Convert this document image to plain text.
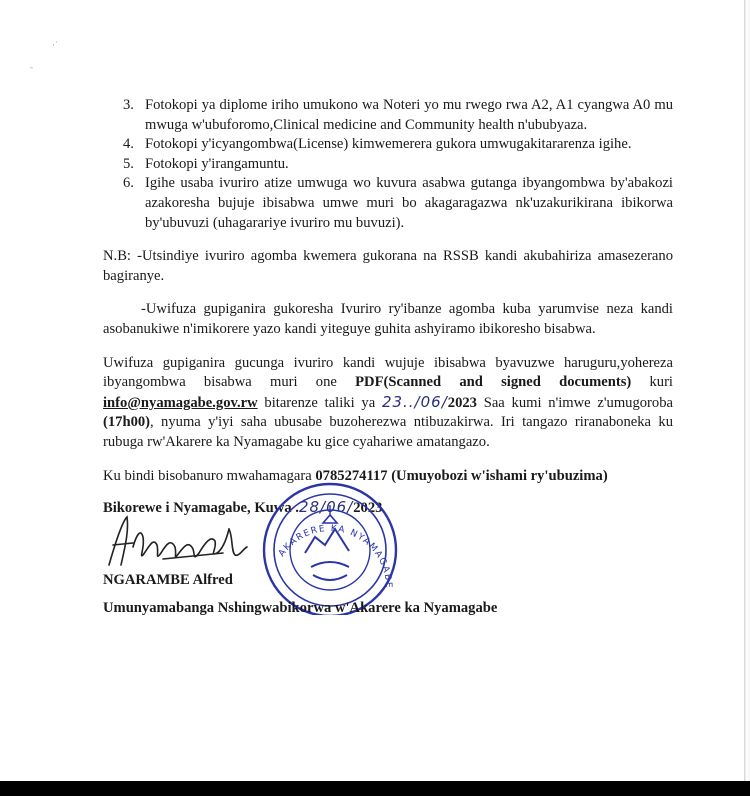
·ʾ
-
3. Fotokopi ya diplome iriho umukono wa Noteri yo mu rwego rwa A2, A1 cyangwa A0 mu mwuga w'ubuforomo,Clinical medicine and Community health n'ububyaza.
4. Fotokopi y'icyangombwa(License) kimwemerera gukora umwugakitararenza igihe.
5. Fotokopi y'irangamuntu.
6. Igihe usaba ivuriro atize umwuga wo kuvura asabwa gutanga ibyangombwa by'abakozi azakoresha bujuje ibisabwa umwe muri bo akagaragazwa nk'uzakurikirana ibikorwa by'ubuvuzi (uhagarariye ivuriro mu buvuzi).

N.B: -Utsindiye ivuriro agomba kwemera gukorana na RSSB kandi akubahiriza amasezerano bagiranye.

-Uwifuza gupiganira gukoresha Ivuriro ry'ibanze agomba kuba yarumvise neza kandi asobanukiwe n'imikorere yazo kandi yiteguye guhita ashyiramo ibikoresho bisabwa.

Uwifuza gupiganira gucunga ivuriro kandi wujuje ibisabwa byavuzwe haruguru,yohereza ibyangombwa bisabwa muri one PDF(Scanned and signed documents) kuri info@nyamagabe.gov.rw bitarenze taliki ya 23../06/2023 Saa kumi n'imwe z'umugoroba (17h00), nyuma y'iyi saha ubusabe buzoherezwa ntibuzakirwa. Iri tangazo riranaboneka ku rubuga rw'Akarere ka Nyamagabe ku gice cyahariwe amatangazo.

Ku bindi bisobanuro mwahamagara 0785274117 (Umuyobozi w'ishami ry'ubuzima)

Bikorewe i Nyamagabe, Kuwa .28/06/2023

AKARERE KA NYAMAGABE
NGARAMBE Alfred
Umunyamabanga Nshingwabikorwa w'Akarere ka Nyamagabe
